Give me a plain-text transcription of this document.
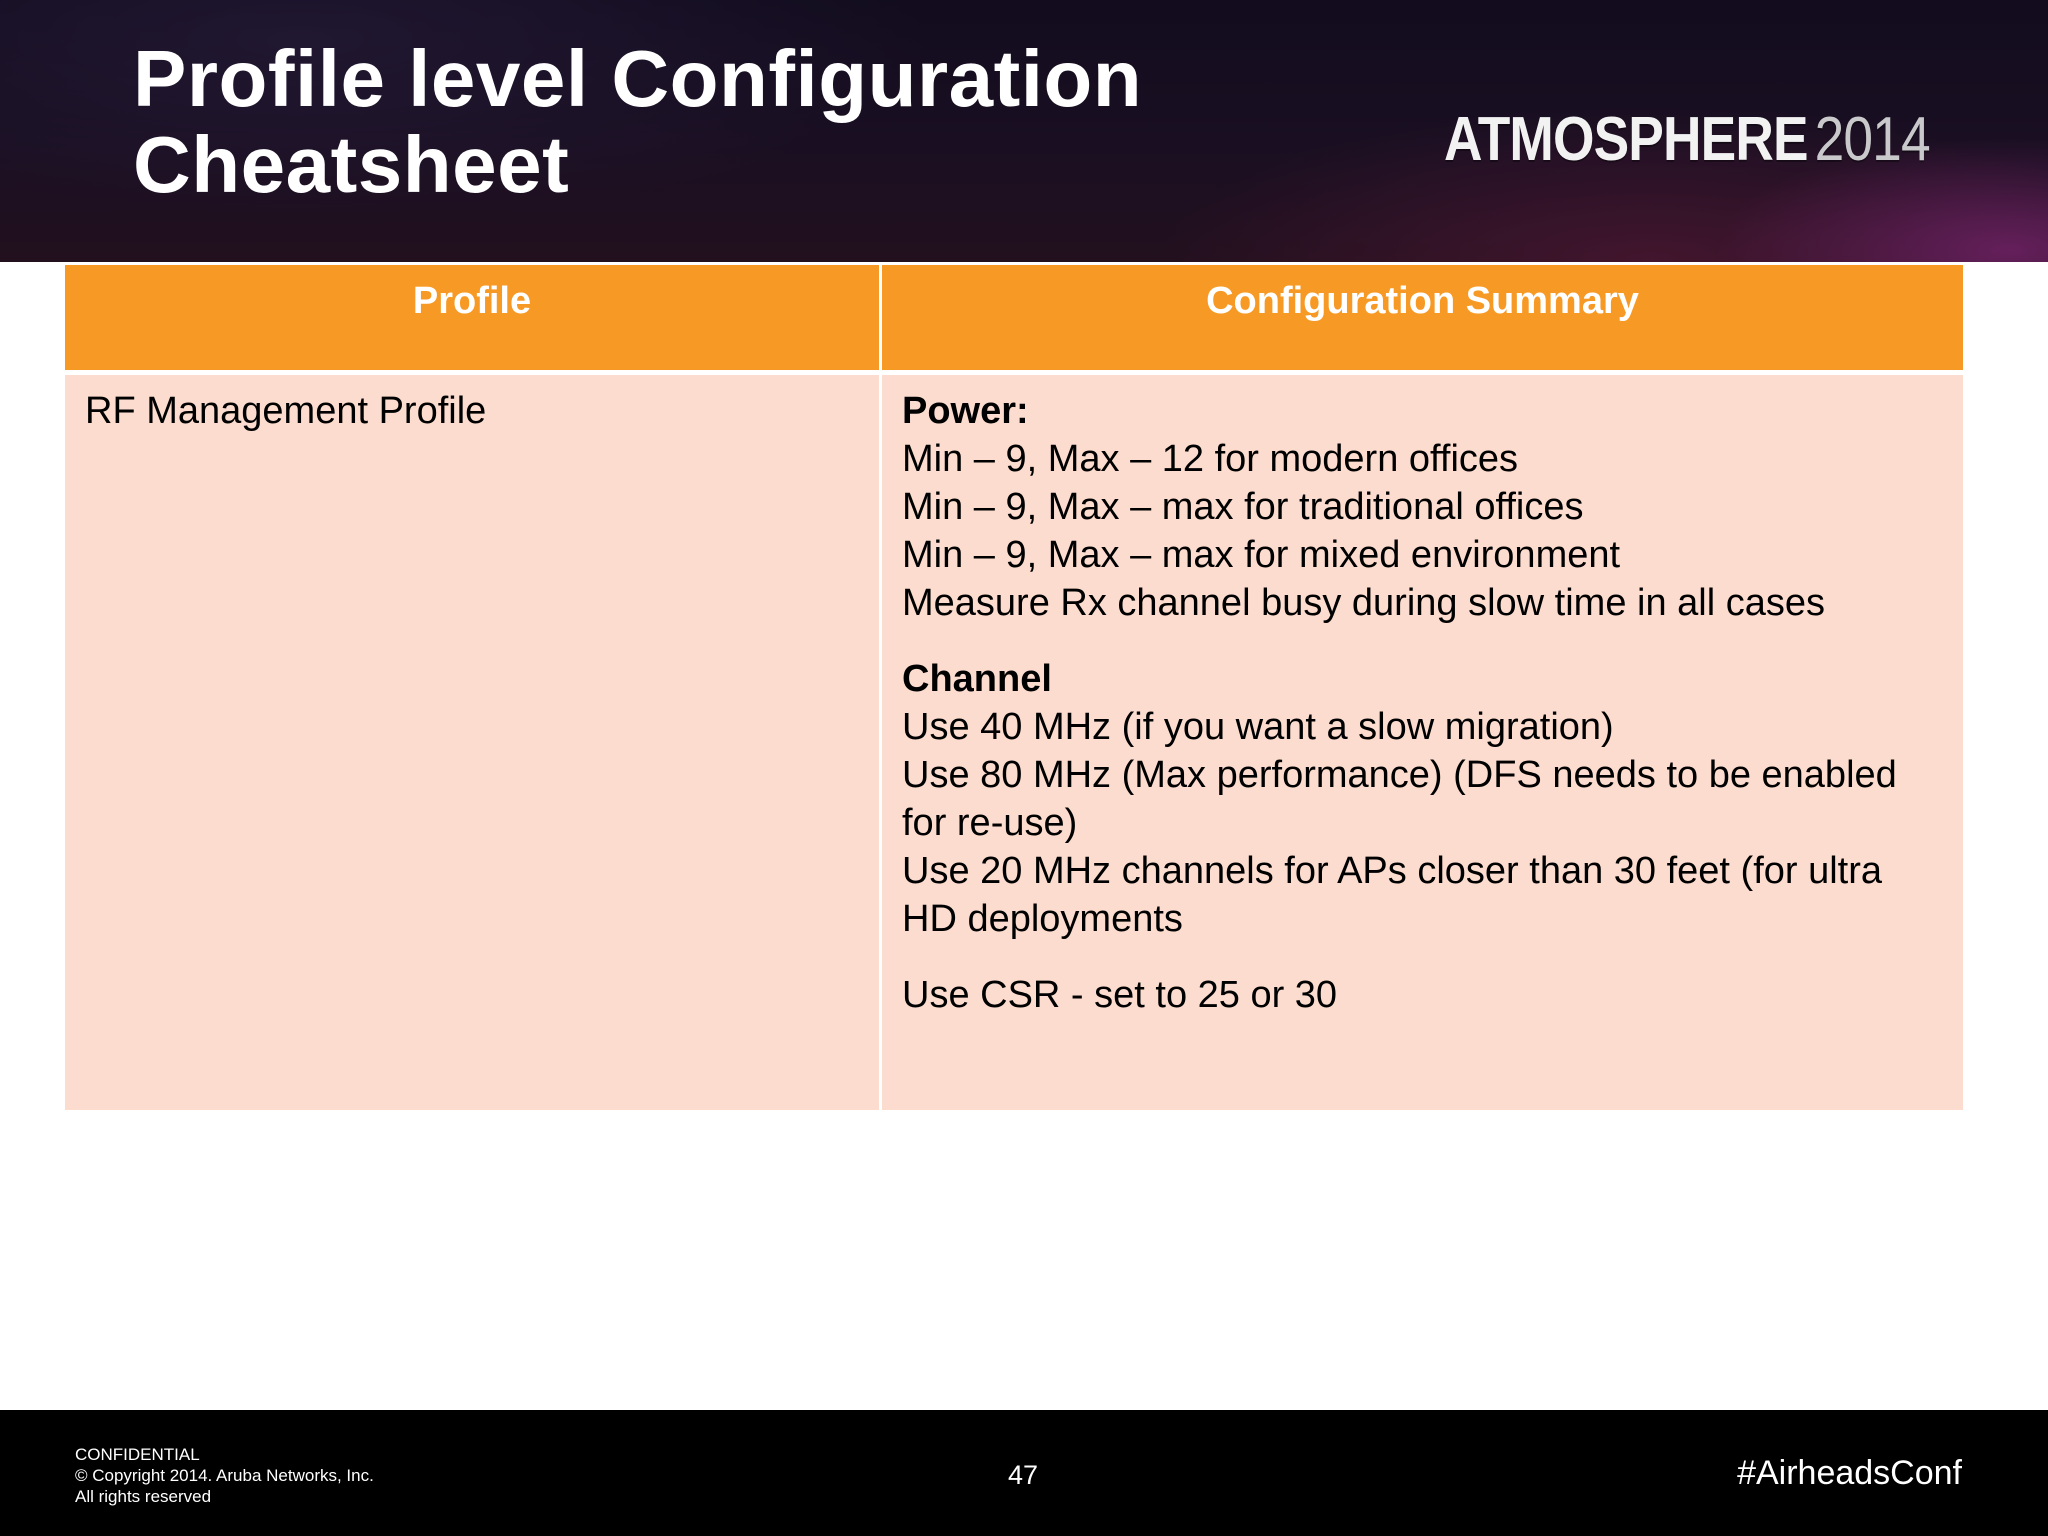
Profile level Configuration
Cheatsheet	ATMOSPHERE 2014
Profile	Configuration Summary
RF Management Profile	Power:
Min – 9, Max – 12 for modern offices
Min – 9, Max – max for traditional offices
Min – 9, Max – max for mixed environment
Measure Rx channel busy during slow time in all cases
Channel
Use 40 MHz (if you want a slow migration)
Use 80 MHz (Max performance) (DFS needs to be enabled for re-use)
Use 20 MHz channels for APs closer than 30 feet (for ultra HD deployments
Use CSR - set to 25 or 30
CONFIDENTIAL
© Copyright 2014. Aruba Networks, Inc.
All rights reserved
47	#AirheadsConf
